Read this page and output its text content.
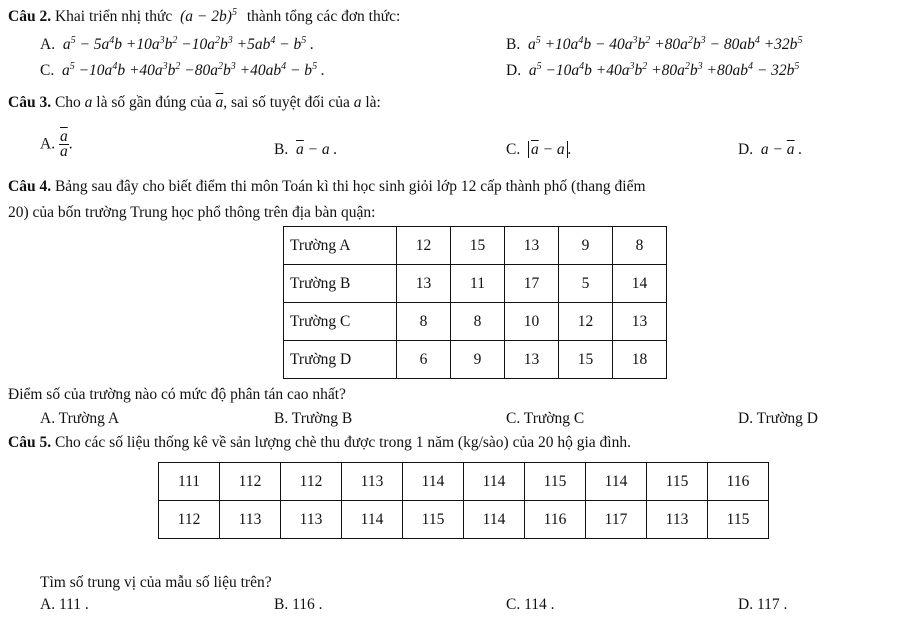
Câu 2. Khai triển nhị thức $(a - 2b)^5$ thành tổng các đơn thức:
A.  $a^5 - 5a^4b +10a^3b^2 -10a^2b^3 +5ab^4 - b^5$ .	B.  $a^5 +10a^4b - 40a^3b^2 +80a^2b^3 - 80ab^4 +32b^5$
C.  $a^5 -10a^4b +40a^3b^2 -80a^2b^3 +40ab^4 - b^5$ .	D.  $a^5 -10a^4b +40a^3b^2 +80a^2b^3 +80ab^4 - 32b^5$
Câu 3. Cho a là số gần đúng của $\overline{a}$, sai số tuyệt đối của a là:
A. $\frac{\overline{a}}{a}$ .	B. $\overline{a} - a$ .	C. $\overline{a} - a$ .	D.  $a - \overline{a}$ .
Câu 4. Bảng sau đây cho biết điểm thi môn Toán kì thi học sinh giỏi lớp 12 cấp thành phố (thang điểm
20) của bốn trường Trung học phổ thông trên địa bàn quận:
Trường A	12	15	13	9	8
Trường B	13	11	17	5	14
Trường C	8	8	10	12	13
Trường D	6	9	13	15	18
Điểm số của trường nào có mức độ phân tán cao nhất?
A. Trường A	B. Trường B	C. Trường C	D. Trường D
Câu 5. Cho các số liệu thống kê về sản lượng chè thu được trong 1 năm (kg/sào) của 20 hộ gia đình.
111	112	112	113	114	114	115	114	115	116
112	113	113	114	115	114	116	117	113	115
Tìm số trung vị của mẫu số liệu trên?
A. 111 .	B. 116 .	C. 114 .	D. 117 .
